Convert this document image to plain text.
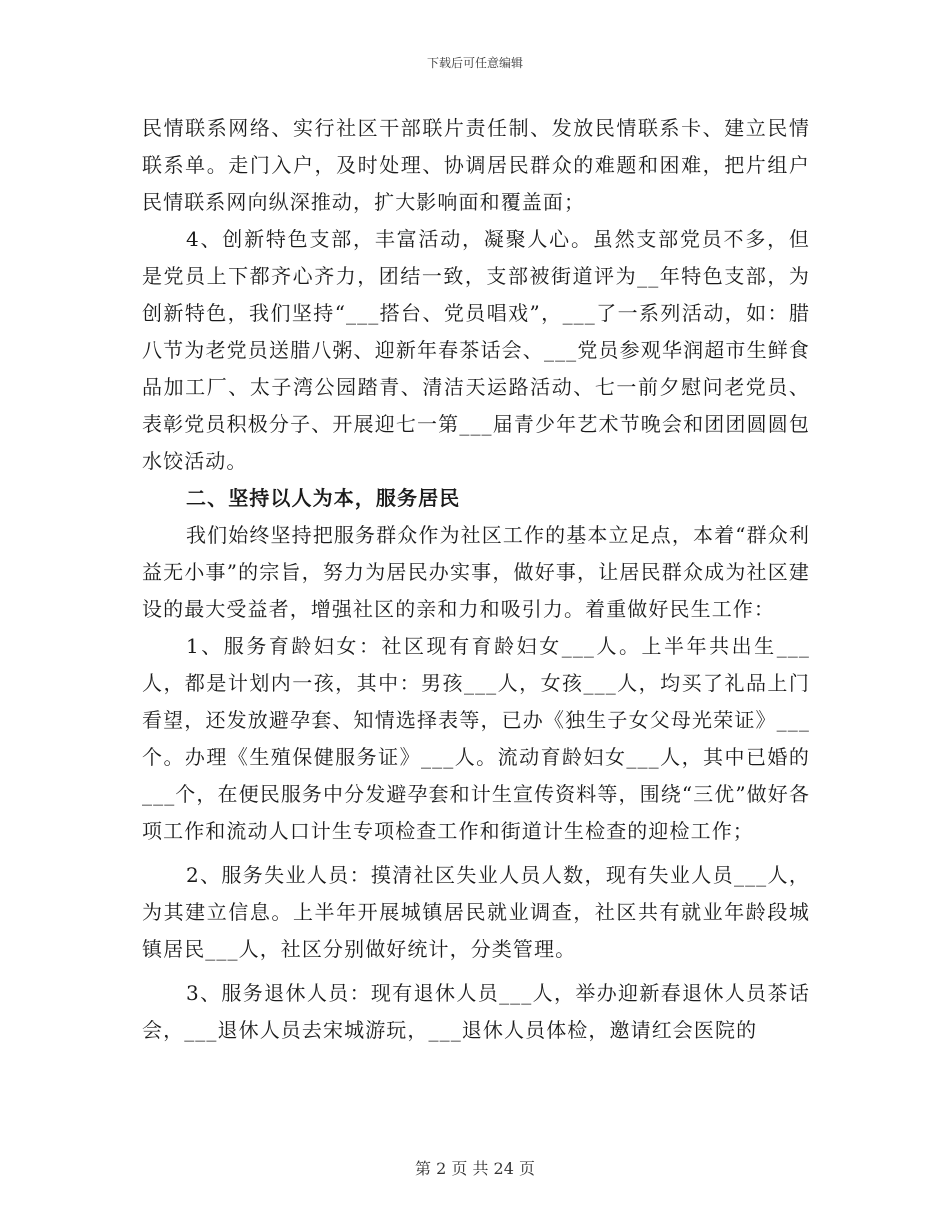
下载后可任意编辑

民情联系网络、实行社区干部联片责任制、发放民情联系卡、建立民情联系单。走门入户，及时处理、协调居民群众的难题和困难，把片组户民情联系网向纵深推动，扩大影响面和覆盖面；

4、创新特色支部，丰富活动，凝聚人心。虽然支部党员不多，但是党员上下都齐心齐力，团结一致，支部被街道评为__年特色支部，为创新特色，我们坚持“___搭台、党员唱戏”，___了一系列活动，如：腊八节为老党员送腊八粥、迎新年春茶话会、___党员参观华润超市生鲜食品加工厂、太子湾公园踏青、清洁天运路活动、七一前夕慰问老党员、表彰党员积极分子、开展迎七一第___届青少年艺术节晚会和团团圆圆包水饺活动。

二、坚持以人为本，服务居民

我们始终坚持把服务群众作为社区工作的基本立足点，本着“群众利益无小事”的宗旨，努力为居民办实事，做好事，让居民群众成为社区建设的最大受益者，增强社区的亲和力和吸引力。着重做好民生工作：

1、服务育龄妇女：社区现有育龄妇女___人。上半年共出生___人，都是计划内一孩，其中：男孩___人，女孩___人，均买了礼品上门看望，还发放避孕套、知情选择表等，已办《独生子女父母光荣证》___个。办理《生殖保健服务证》___人。流动育龄妇女___人，其中已婚的___个，在便民服务中分发避孕套和计生宣传资料等，围绕“三优”做好各项工作和流动人口计生专项检查工作和街道计生检查的迎检工作；

2、服务失业人员：摸清社区失业人员人数，现有失业人员___人，为其建立信息。上半年开展城镇居民就业调查，社区共有就业年龄段城镇居民___人，社区分别做好统计，分类管理。

3、服务退休人员：现有退休人员___人，举办迎新春退休人员茶话会，___退休人员去宋城游玩，___退休人员体检，邀请红会医院的

第 2 页 共 24 页
